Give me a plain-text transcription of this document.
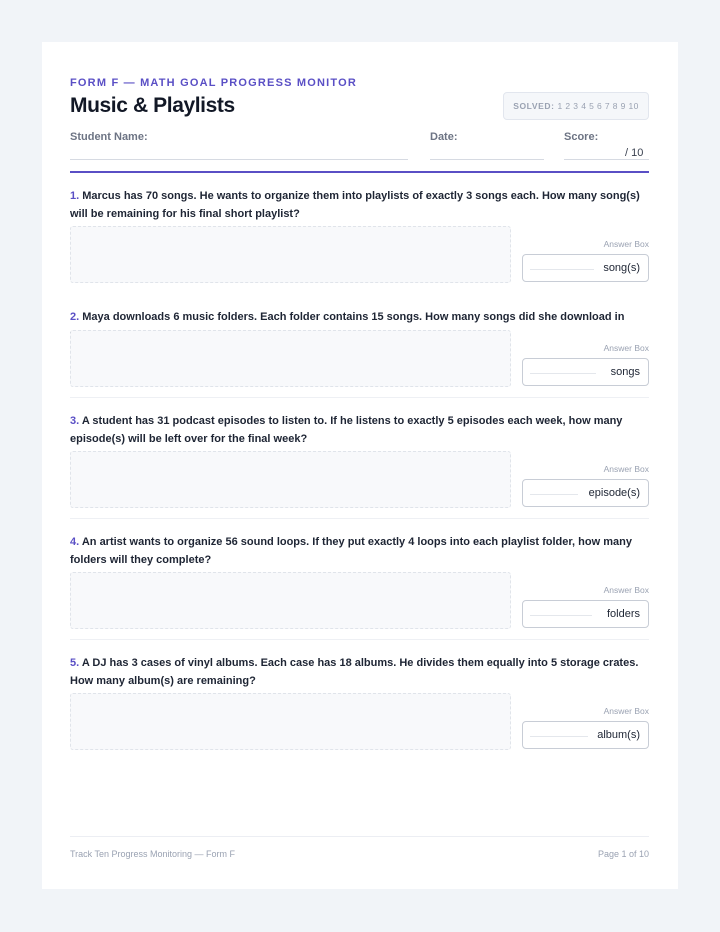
FORM F — MATH GOAL PROGRESS MONITOR
Music & Playlists	SOLVED: 1 2 3 4 5 6 7 8 9 10
Student Name:	Date:	Score:
/ 10
1. Marcus has 70 songs. He wants to organize them into playlists of exactly 3 songs each. How many song(s) will be remaining for his final short playlist?
Answer Box
song(s)
2. Maya downloads 6 music folders. Each folder contains 15 songs. How many songs did she download in
Answer Box
songs
3. A student has 31 podcast episodes to listen to. If he listens to exactly 5 episodes each week, how many episode(s) will be left over for the final week?
Answer Box
episode(s)
4. An artist wants to organize 56 sound loops. If they put exactly 4 loops into each playlist folder, how many folders will they complete?
Answer Box
folders
5. A DJ has 3 cases of vinyl albums. Each case has 18 albums. He divides them equally into 5 storage crates. How many album(s) are remaining?
Answer Box
album(s)
Track Ten Progress Monitoring — Form F	Page 1 of 10
